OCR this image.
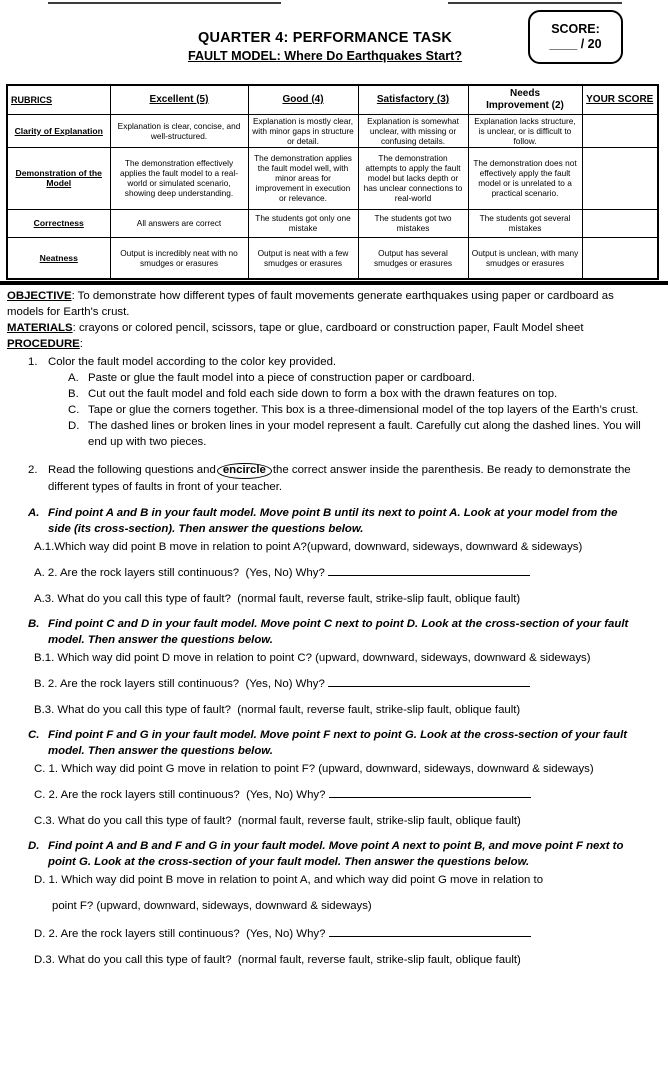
SCORE:
____ / 20
QUARTER 4: PERFORMANCE TASK
FAULT MODEL: Where Do Earthquakes Start?
RUBRICS	Excellent (5)	Good (4)	Satisfactory (3)	Needs Improvement (2)	YOUR SCORE
Clarity of Explanation	Explanation is clear, concise, and well-structured.	Explanation is mostly clear, with minor gaps in structure or detail.	Explanation is somewhat unclear, with missing or confusing details.	Explanation lacks structure, is unclear, or is difficult to follow.	
Demonstration of the Model	The demonstration effectively applies the fault model to a real-world or simulated scenario, showing deep understanding.	The demonstration applies the fault model well, with minor areas for improvement in execution or relevance.	The demonstration attempts to apply the fault model but lacks depth or has unclear connections to real-world	The demonstration does not effectively apply the fault model or is unrelated to a practical scenario.	
Correctness	All answers are correct	The students got only one mistake	The students got two mistakes	The students got several mistakes	
Neatness	Output is incredibly neat with no smudges or erasures	Output is neat with a few smudges or erasures	Output has several smudges or erasures	Output is unclean, with many smudges or erasures	

OBJECTIVE: To demonstrate how different types of fault movements generate earthquakes using paper or cardboard as models for Earth's crust.

MATERIALS: crayons or colored pencil, scissors, tape or glue, cardboard or construction paper, Fault Model sheet

PROCEDURE:

1. Color the fault model according to the color key provided.
A. Paste or glue the fault model into a piece of construction paper or cardboard.
B. Cut out the fault model and fold each side down to form a box with the drawn features on top.
C. Tape or glue the corners together. This box is a three-dimensional model of the top layers of the Earth’s crust.
D. The dashed lines or broken lines in your model represent a fault. Carefully cut along the dashed lines. You will end up with two pieces.
2. Read the following questions and encircle the correct answer inside the parenthesis. Be ready to demonstrate the different types of faults in front of your teacher.
A. Find point A and B in your fault model. Move point B until its next to point A. Look at your model from the side (its cross-section). Then answer the questions below.
A.1.Which way did point B move in relation to point A?(upward, downward, sideways, downward & sideways)
A. 2. Are the rock layers still continuous?  (Yes, No) Why?
A.3. What do you call this type of fault?  (normal fault, reverse fault, strike-slip fault, oblique fault)
B. Find point C and D in your fault model. Move point C next to point D. Look at the cross-section of your fault model. Then answer the questions below.
B.1. Which way did point D move in relation to point C? (upward, downward, sideways, downward & sideways)
B. 2. Are the rock layers still continuous?  (Yes, No) Why?
B.3. What do you call this type of fault?  (normal fault, reverse fault, strike-slip fault, oblique fault)
C. Find point F and G in your fault model. Move point F next to point G. Look at the cross-section of your fault model. Then answer the questions below.
C. 1. Which way did point G move in relation to point F? (upward, downward, sideways, downward & sideways)
C. 2. Are the rock layers still continuous?  (Yes, No) Why?
C.3. What do you call this type of fault?  (normal fault, reverse fault, strike-slip fault, oblique fault)
D. Find point A and B and F and G in your fault model. Move point A next to point B, and move point F next to point G. Look at the cross-section of your fault model. Then answer the questions below.
D. 1. Which way did point B move in relation to point A, and which way did point G move in relation to
point F? (upward, downward, sideways, downward & sideways)
D. 2. Are the rock layers still continuous?  (Yes, No) Why?
D.3. What do you call this type of fault?  (normal fault, reverse fault, strike-slip fault, oblique fault)
